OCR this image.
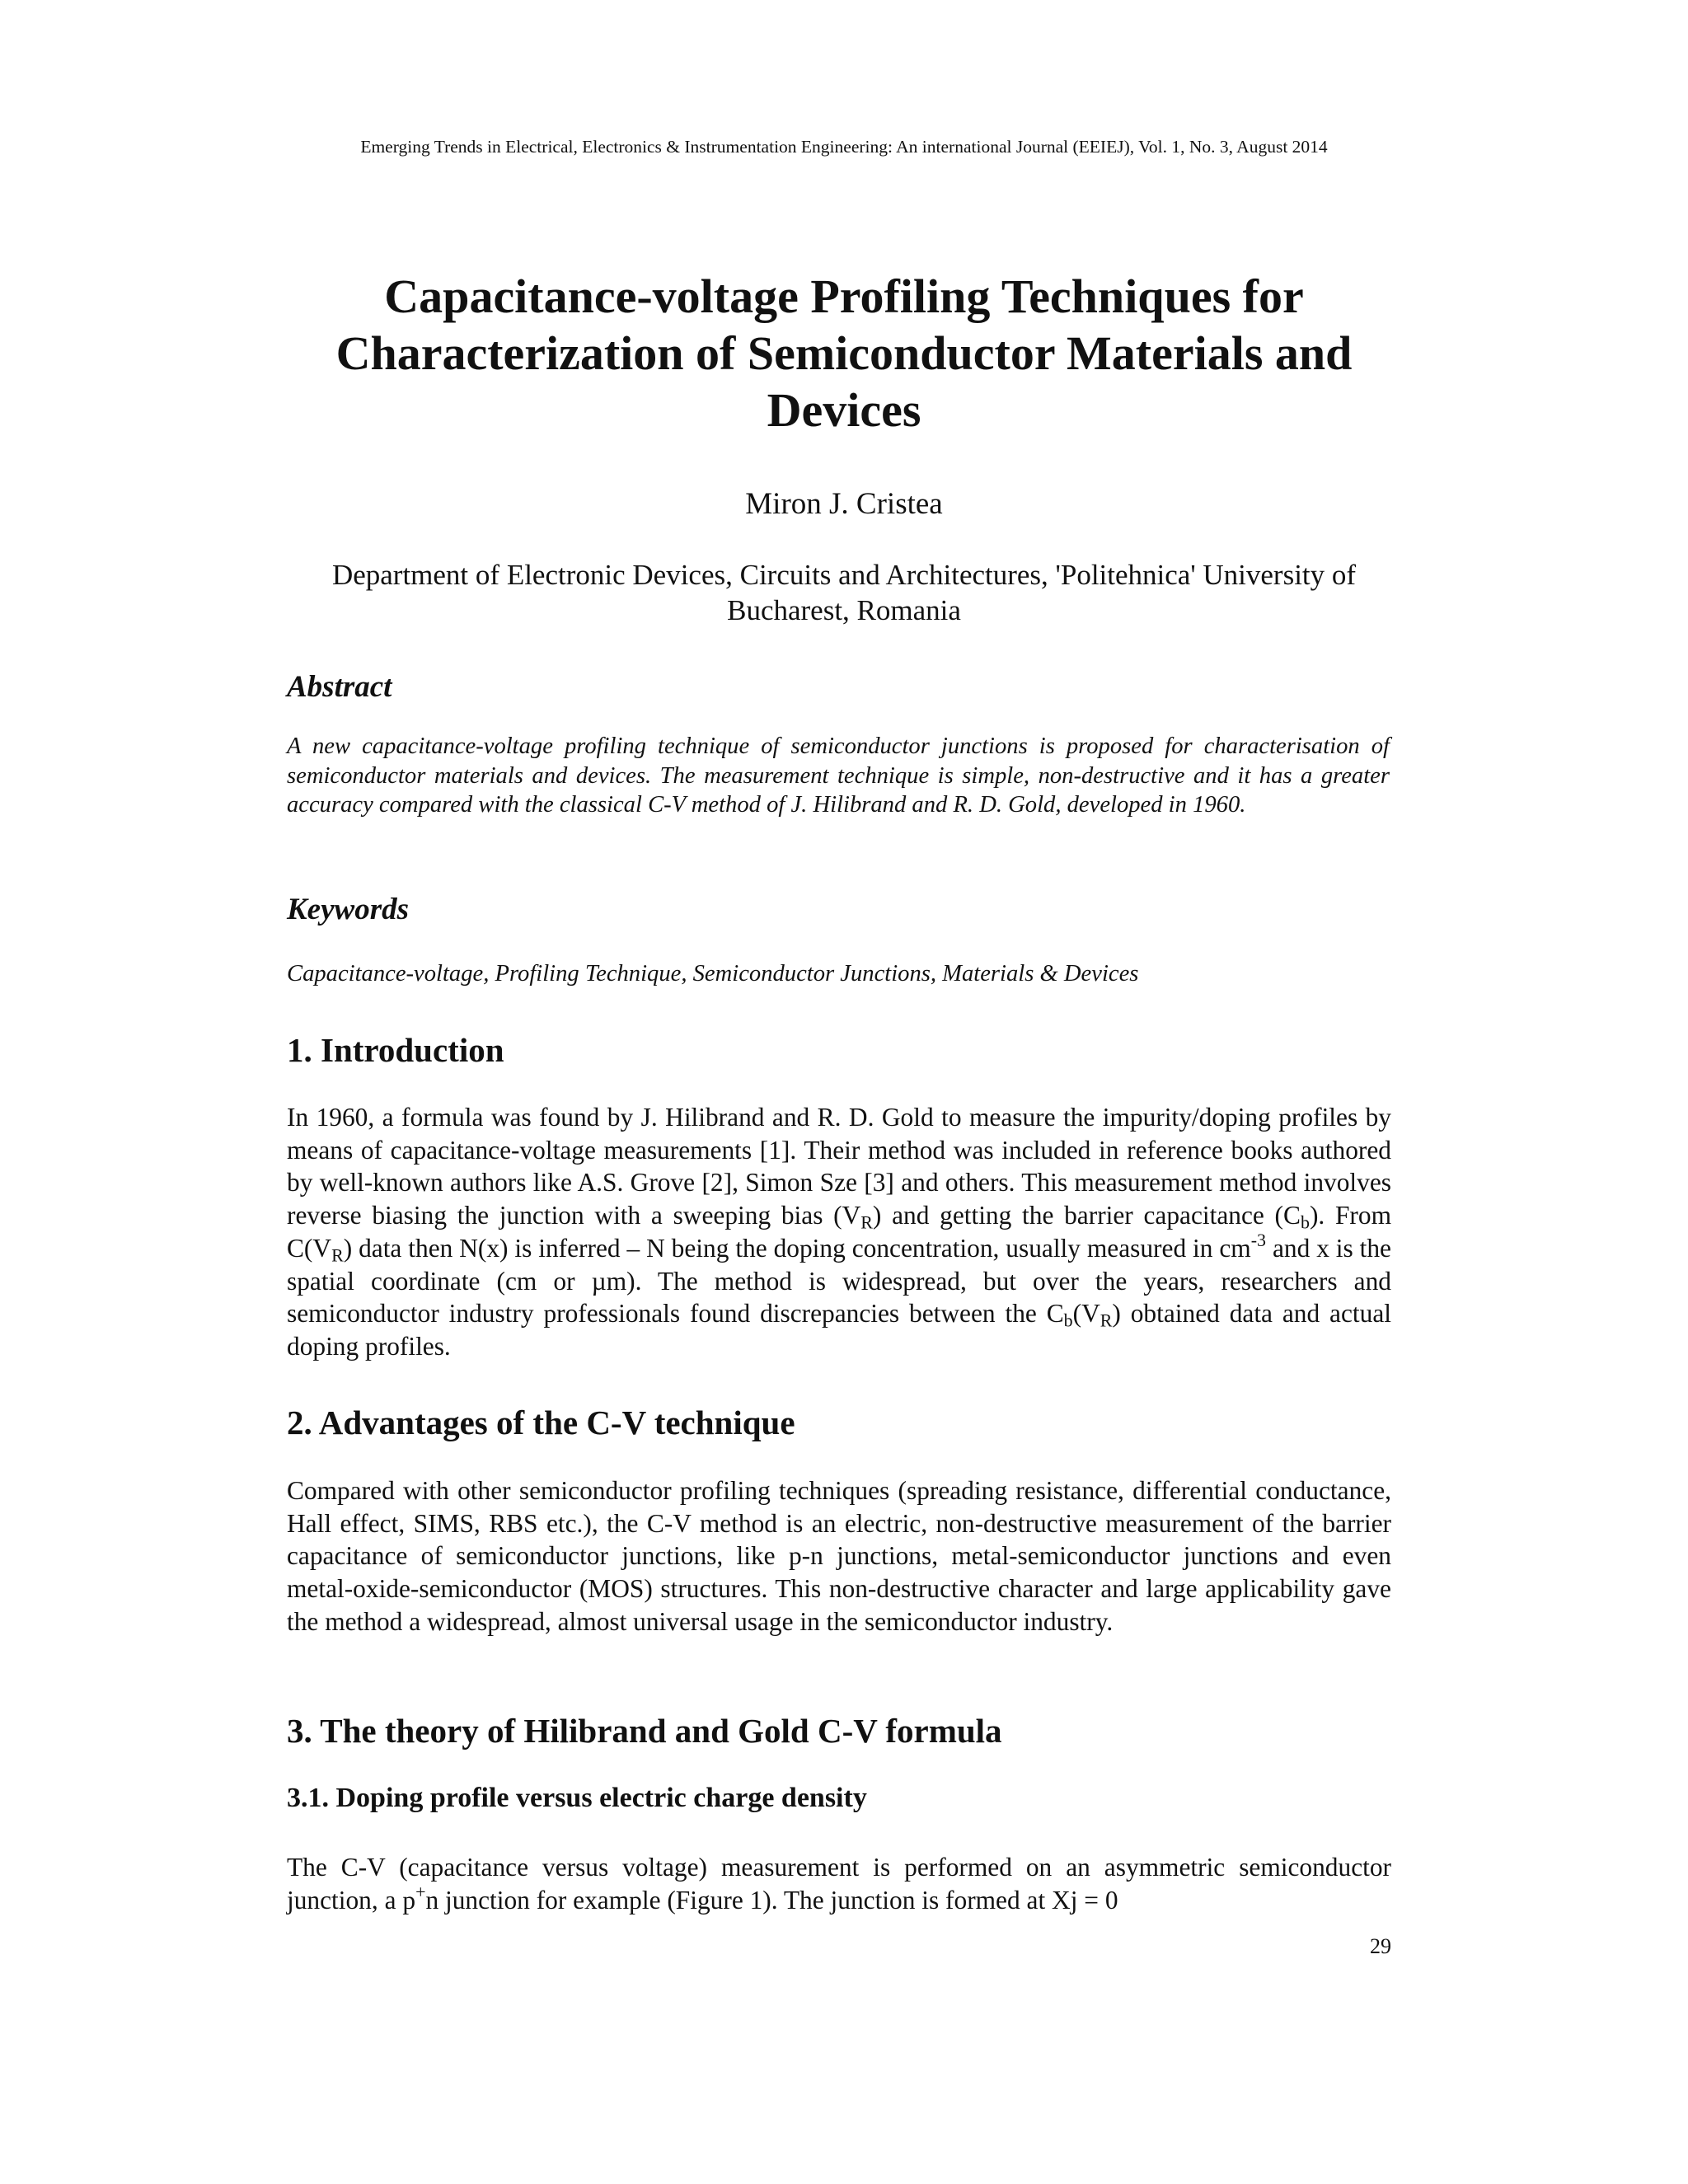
Emerging Trends in Electrical, Electronics & Instrumentation Engineering: An international Journal (EEIEJ), Vol. 1, No. 3, August 2014
Capacitance-voltage Profiling Techniques for
Characterization of Semiconductor Materials and
Devices
Miron J. Cristea
Department of Electronic Devices, Circuits and Architectures, 'Politehnica' University of
Bucharest, Romania
Abstract
A new capacitance-voltage profiling technique of semiconductor junctions is proposed for characterisation of semiconductor materials and devices. The measurement technique is simple, non-destructive and it has a greater accuracy compared with the classical C-V method of J. Hilibrand and R. D. Gold, developed in 1960.
Keywords
Capacitance-voltage, Profiling Technique, Semiconductor Junctions, Materials & Devices
1. Introduction
In 1960, a formula was found by J. Hilibrand and R. D. Gold to measure the impurity/doping profiles by means of capacitance-voltage measurements [1]. Their method was included in reference books authored by well-known authors like A.S. Grove [2], Simon Sze [3] and others. This measurement method involves reverse biasing the junction with a sweeping bias $(V_R)$ and getting the barrier capacitance $(C_b)$. From $C(V_R)$ data then N(x) is inferred – N being the doping concentration, usually measured in $cm^{-3}$ and x is the spatial coordinate (cm or µm). The method is widespread, but over the years, researchers and semiconductor industry professionals found discrepancies between the $C_b(V_R)$ obtained data and actual doping profiles.
2. Advantages of the C-V technique
Compared with other semiconductor profiling techniques (spreading resistance, differential conductance, Hall effect, SIMS, RBS etc.), the C-V method is an electric, non-destructive measurement of the barrier capacitance of semiconductor junctions, like p-n junctions, metal-semiconductor junctions and even metal-oxide-semiconductor (MOS) structures. This non-destructive character and large applicability gave the method a widespread, almost universal usage in the semiconductor industry.
3. The theory of Hilibrand and Gold C-V formula
3.1. Doping profile versus electric charge density
The C-V (capacitance versus voltage) measurement is performed on an asymmetric semiconductor junction, a p+n junction for example (Figure 1). The junction is formed at Xj = 0
29
